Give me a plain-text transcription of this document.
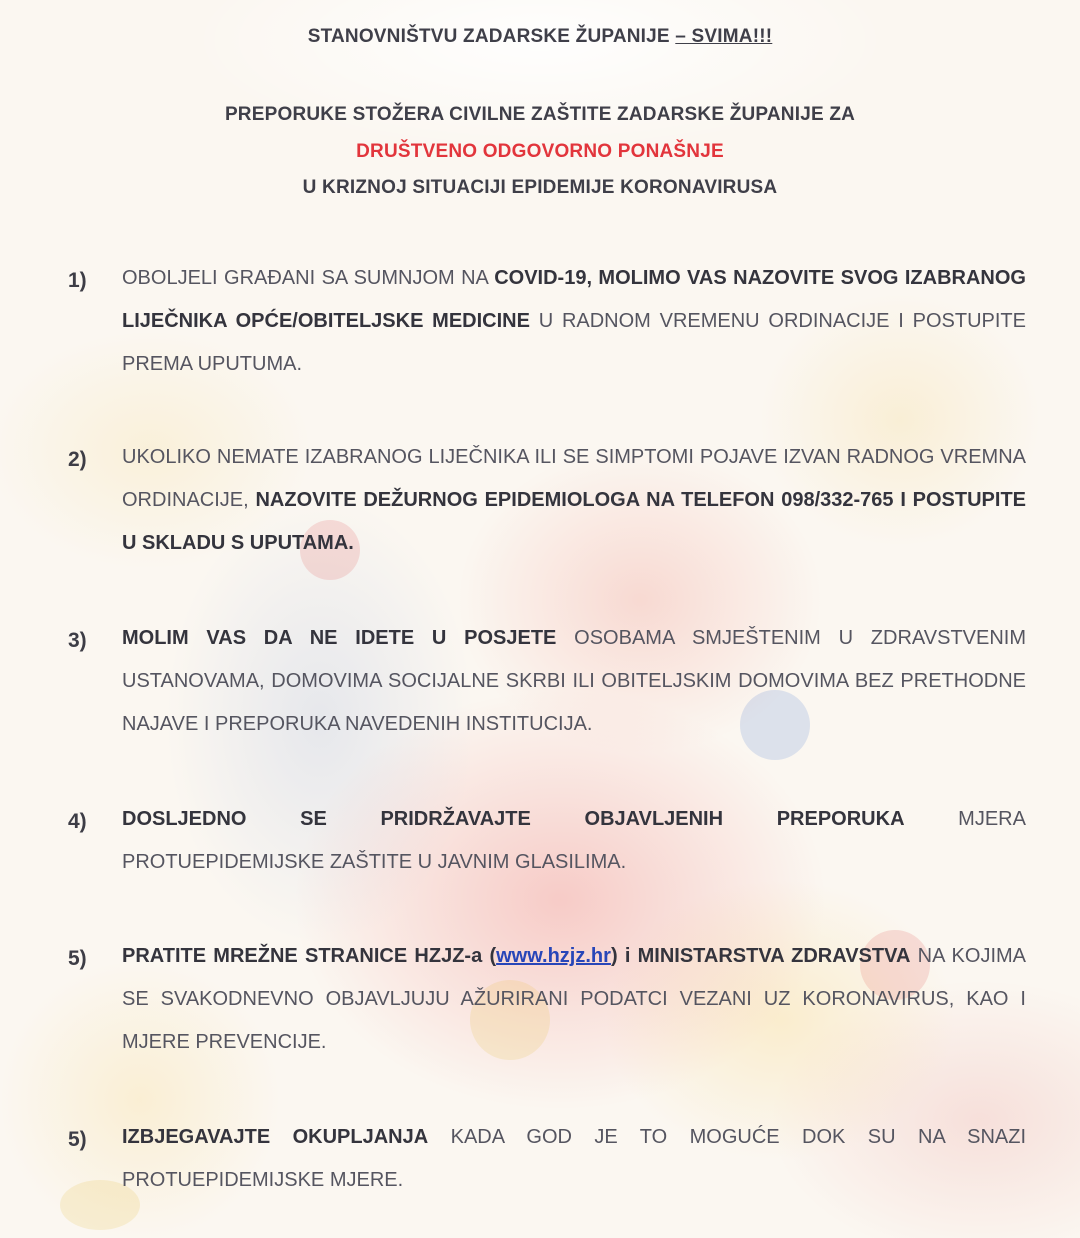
STANOVNIŠTVU ZADARSKE ŽUPANIJE – SVIMA!!!
PREPORUKE STOŽERA CIVILNE ZAŠTITE ZADARSKE ŽUPANIJE ZA
DRUŠTVENO ODGOVORNO PONAŠNJE
U KRIZNOJ SITUACIJI EPIDEMIJE KORONAVIRUSA
1)	OBOLJELI GRAĐANI SA SUMNJOM NA COVID-19, MOLIMO VAS NAZOVITE SVOG IZABRANOG LIJEČNIKA OPĆE/OBITELJSKE MEDICINE U RADNOM VREMENU ORDINACIJE I POSTUPITE PREMA UPUTUMA.
2)	UKOLIKO NEMATE IZABRANOG LIJEČNIKA ILI SE SIMPTOMI POJAVE IZVAN RADNOG VREMNA ORDINACIJE, NAZOVITE DEŽURNOG EPIDEMIOLOGA NA TELEFON 098/332-765 I POSTUPITE U SKLADU S UPUTAMA.
3)	MOLIM VAS DA NE IDETE U POSJETE OSOBAMA SMJEŠTENIM U ZDRAVSTVENIM USTANOVAMA, DOMOVIMA SOCIJALNE SKRBI ILI OBITELJSKIM DOMOVIMA BEZ PRETHODNE NAJAVE I PREPORUKA NAVEDENIH INSTITUCIJA.
4)	DOSLJEDNO	SE	PRIDRŽAVAJTE	OBJAVLJENIH	PREPORUKA	MJERA
PROTUEPIDEMIJSKE ZAŠTITE U JAVNIM GLASILIMA.
5)	PRATITE MREŽNE STRANICE HZJZ-a (www.hzjz.hr) i MINISTARSTVA ZDRAVSTVA NA KOJIMA SE SVAKODNEVNO OBJAVLJUJU AŽURIRANI PODATCI VEZANI UZ KORONAVIRUS, KAO I MJERE PREVENCIJE.
5)	IZBJEGAVAJTE OKUPLJANJA KADA GOD JE TO MOGUĆE DOK SU NA SNAZI PROTUEPIDEMIJSKE MJERE.
